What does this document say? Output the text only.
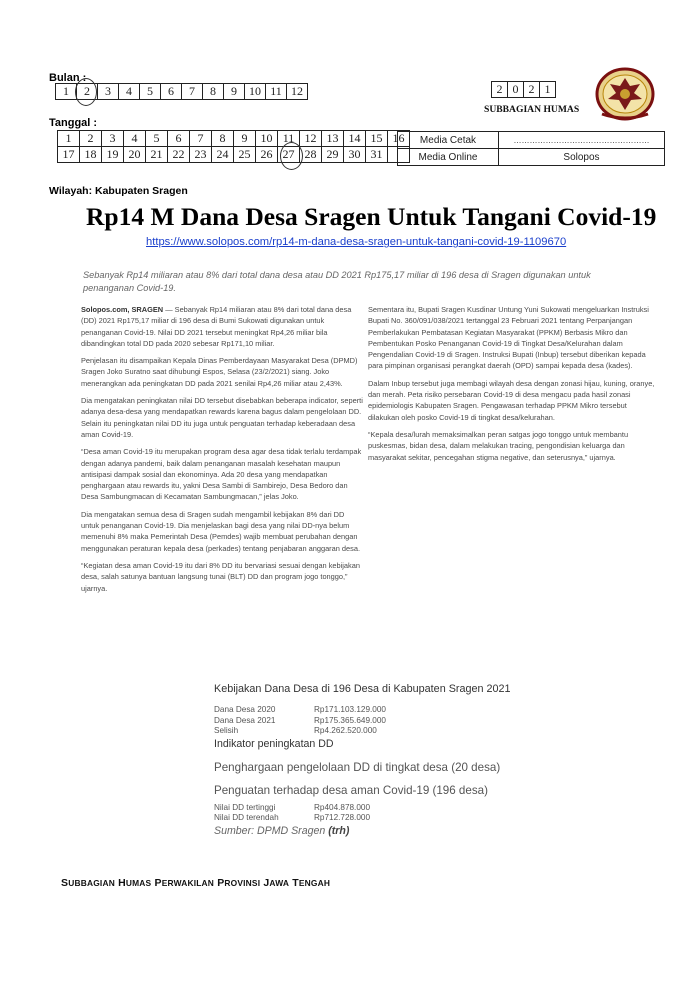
Bulan :
1	2	3	4	5	6	7	8	9	10	11	12
Tanggal :
1	2	3	4	5	6	7	8	9	10	11	12	13	14	15	16
17	18	19	20	21	22	23	24	25	26	27	28	29	30	31	
2	0	2	1
SUBBAGIAN HUMAS
Media Cetak	……………………………………………
Media Online	Solopos
Wilayah: Kabupaten Sragen
Rp14 M Dana Desa Sragen Untuk Tangani Covid-19
https://www.solopos.com/rp14-m-dana-desa-sragen-untuk-tangani-covid-19-1109670
Sebanyak Rp14 miliaran atau 8% dari total dana desa atau DD 2021 Rp175,17 miliar di 196 desa di Sragen digunakan untuk penanganan Covid-19.

Solopos.com, SRAGEN — Sebanyak Rp14 miliaran atau 8% dari total dana desa (DD) 2021 Rp175,17 miliar di 196 desa di Bumi Sukowati digunakan untuk penanganan Covid-19. Nilai DD 2021 tersebut meningkat Rp4,26 miliar bila dibandingkan total DD pada 2020 sebesar Rp171,10 miliar.

Penjelasan itu disampaikan Kepala Dinas Pemberdayaan Masyarakat Desa (DPMD) Sragen Joko Suratno saat dihubungi Espos, Selasa (23/2/2021) siang. Joko menerangkan ada peningkatan DD pada 2021 senilai Rp4,26 miliar atau 2,43%.

Dia mengatakan peningkatan nilai DD tersebut disebabkan beberapa indicator, seperti adanya desa-desa yang mendapatkan rewards karena bagus dalam pengelolaan DD. Selain itu peningkatan nilai DD itu juga untuk penguatan terhadap keberadaan desa aman Covid-19.

“Desa aman Covid-19 itu merupakan program desa agar desa tidak terlalu terdampak dengan adanya pandemi, baik dalam penanganan masalah kesehatan maupun antisipasi dampak sosial dan ekonominya. Ada 20 desa yang mendapatkan penghargaan atau rewards itu, yakni Desa Sambi di Sambirejo, Desa Bedoro dan Desa Sambungmacan di Kecamatan Sambungmacan,” jelas Joko.

Dia mengatakan semua desa di Sragen sudah mengambil kebijakan 8% dari DD untuk penanganan Covid-19. Dia menjelaskan bagi desa yang nilai DD-nya belum memenuhi 8% maka Pemerintah Desa (Pemdes) wajib membuat perubahan dengan menggunakan peraturan kepala desa (perkades) tentang penjabaran anggaran desa.

“Kegiatan desa aman Covid-19 itu dari 8% DD itu bervariasi sesuai dengan kebijakan desa, salah satunya bantuan langsung tunai (BLT) DD dan program jogo tonggo,” ujarnya.

Sementara itu, Bupati Sragen Kusdinar Untung Yuni Sukowati mengeluarkan Instruksi Bupati No. 360/091/038/2021 tertanggal 23 Februari 2021 tentang Perpanjangan Pemberlakukan Pembatasan Kegiatan Masyarakat (PPKM) Berbasis Mikro dan Pembentukan Posko Penanganan Covid-19 di Tingkat Desa/Kelurahan dalam Pengendalian Covid-19 di Sragen. Instruksi Bupati (Inbup) tersebut diberikan kepada para pimpinan organisasi perangkat daerah (OPD) sampai kepada desa (kades).

Dalam Inbup tersebut juga membagi wilayah desa dengan zonasi hijau, kuning, oranye, dan merah. Peta risiko persebaran Covid-19 di desa mengacu pada hasil zonasi epidemiologis Kabupaten Sragen. Pengawasan terhadap PPKM Mikro tersebut dilakukan oleh posko Covid-19 di tingkat desa/kelurahan.

“Kepala desa/lurah memaksimalkan peran satgas jogo tonggo untuk membantu puskesmas, bidan desa, dalam melakukan tracing, pengondisian keluarga dan masyarakat sekitar, pencegahan stigma negative, dan seterusnya,” ujarnya.

Kebijakan Dana Desa di 196 Desa di Kabupaten Sragen 2021
Dana Desa 2020	Rp171.103.129.000
Dana Desa 2021	Rp175.365.649.000
Selisih	Rp4.262.520.000
Indikator peningkatan DD
Penghargaan pengelolaan DD di tingkat desa (20 desa)
Penguatan terhadap desa aman Covid-19 (196 desa)
Nilai DD tertinggi	Rp404.878.000
Nilai DD terendah	Rp712.728.000
Sumber: DPMD Sragen (trh)
SUBBAGIAN HUMAS PERWAKILAN PROVINSI JAWA TENGAH
